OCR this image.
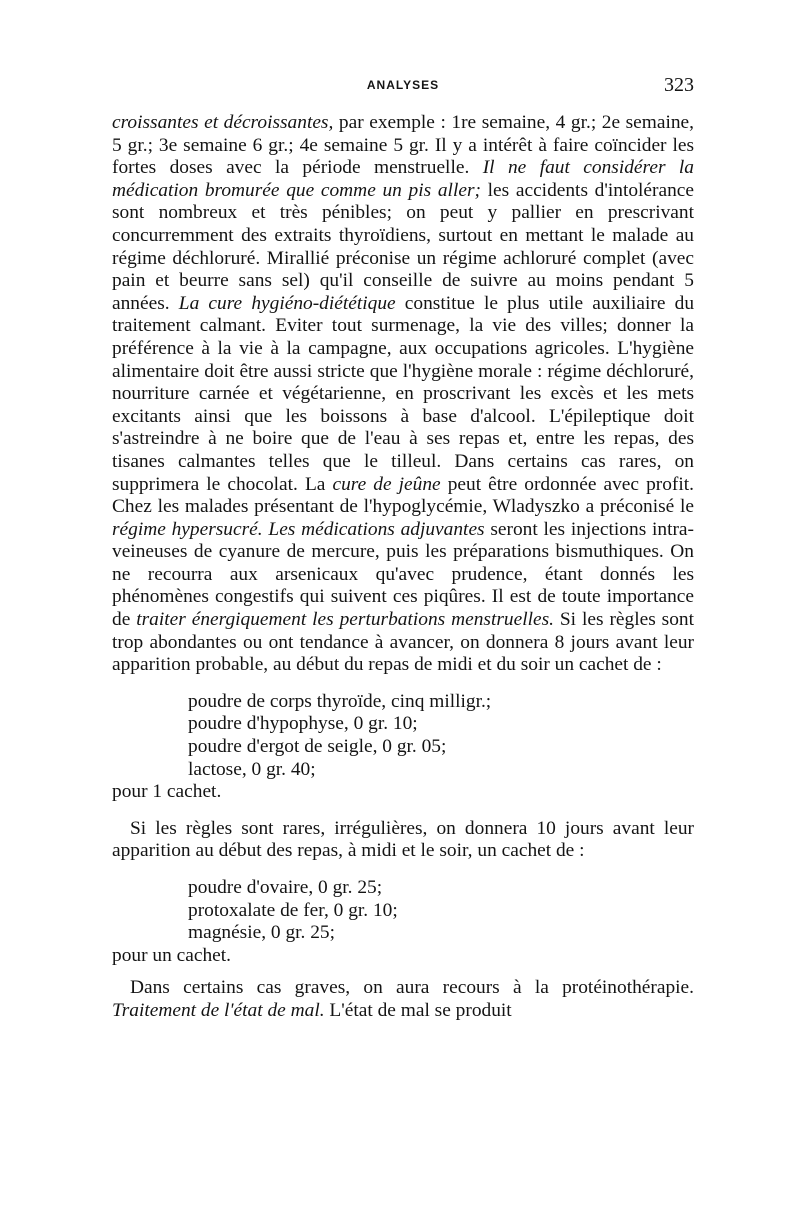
ANALYSES	323

croissantes et décroissantes, par exemple : 1re semaine, 4 gr.; 2e semaine, 5 gr.; 3e semaine 6 gr.; 4e semaine 5 gr. Il y a intérêt à faire coïncider les fortes doses avec la période menstruelle. Il ne faut considérer la médication bromurée que comme un pis aller; les accidents d'intolérance sont nombreux et très pénibles; on peut y pallier en prescrivant concurremment des extraits thyroïdiens, surtout en mettant le malade au régime déchloruré. Mirallié préconise un régime achloruré complet (avec pain et beurre sans sel) qu'il conseille de suivre au moins pendant 5 années. La cure hygiéno-diététique constitue le plus utile auxiliaire du traitement calmant. Eviter tout surmenage, la vie des villes; donner la préférence à la vie à la campagne, aux occupations agricoles. L'hygiène alimentaire doit être aussi stricte que l'hygiène morale : régime déchloruré, nourriture carnée et végétarienne, en proscrivant les excès et les mets excitants ainsi que les boissons à base d'alcool. L'épileptique doit s'astreindre à ne boire que de l'eau à ses repas et, entre les repas, des tisanes calmantes telles que le tilleul. Dans certains cas rares, on supprimera le chocolat. La cure de jeûne peut être ordonnée avec profit. Chez les malades présentant de l'hypoglycémie, Wladyszko a préconisé le régime hypersucré. Les médications adjuvantes seront les injections intra-veineuses de cyanure de mercure, puis les préparations bismuthiques. On ne recourra aux arsenicaux qu'avec prudence, étant donnés les phénomènes congestifs qui suivent ces piqûres. Il est de toute importance de traiter énergiquement les perturbations menstruelles. Si les règles sont trop abondantes ou ont tendance à avancer, on donnera 8 jours avant leur apparition probable, au début du repas de midi et du soir un cachet de :

poudre de corps thyroïde, cinq milligr.;
poudre d'hypophyse, 0 gr. 10;
poudre d'ergot de seigle, 0 gr. 05;
lactose, 0 gr. 40;

pour 1 cachet.

Si les règles sont rares, irrégulières, on donnera 10 jours avant leur apparition au début des repas, à midi et le soir, un cachet de :

poudre d'ovaire, 0 gr. 25;
protoxalate de fer, 0 gr. 10;
magnésie, 0 gr. 25;

pour un cachet.

Dans certains cas graves, on aura recours à la protéinothérapie. Traitement de l'état de mal. L'état de mal se produit
